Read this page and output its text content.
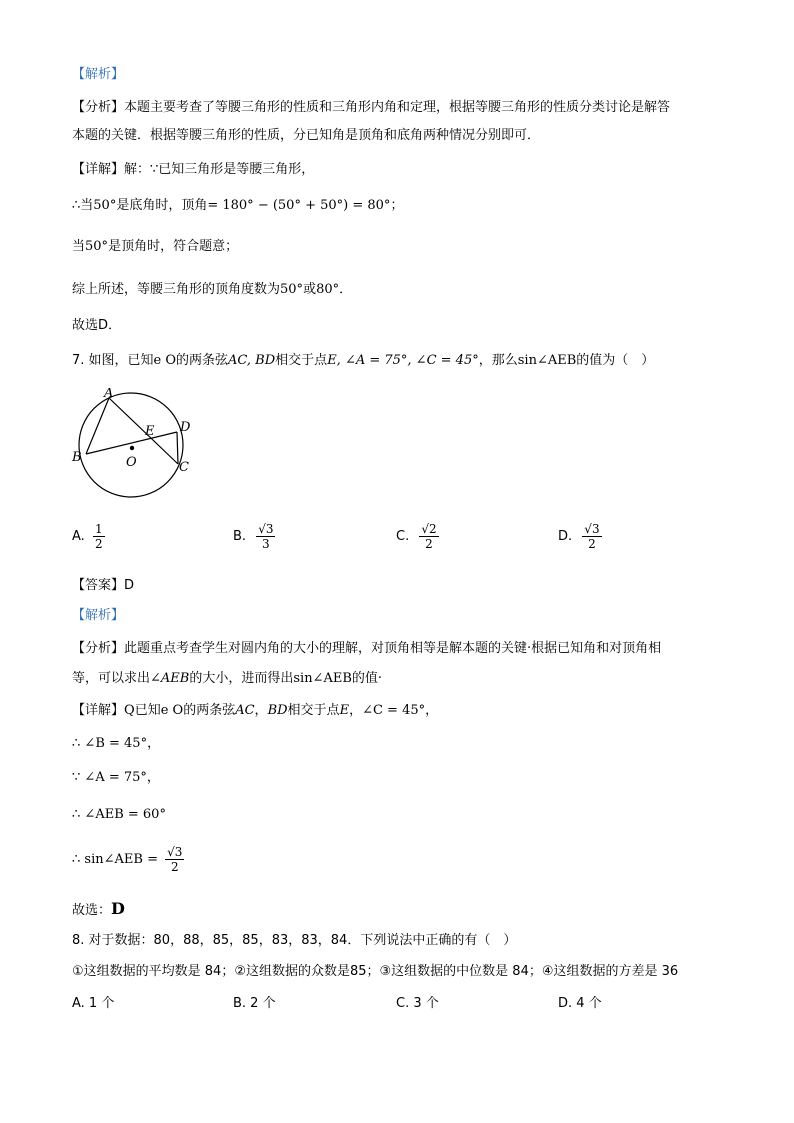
【解析】
【分析】本题主要考查了等腰三角形的性质和三角形内角和定理，根据等腰三角形的性质分类讨论是解答
本题的关键．根据等腰三角形的性质，分已知角是顶角和底角两种情况分别即可．
【详解】解：∵已知三角形是等腰三角形，
∴当50°是底角时，顶角= 180° − (50° + 50°) = 80°；
当50°是顶角时，符合题意；
综上所述，等腰三角形的顶角度数为50°或80°．
故选D．
7. 如图，已知e O的两条弦AC, BD相交于点E, ∠A = 75°, ∠C = 45°，那么sin∠AEB的值为（　）
A
B
C
D
E
O
A. $\frac{1}{2}$	B. $\frac{√3}{3}$	C. $\frac{√2}{2}$	D. $\frac{√3}{2}$
【答案】D
【解析】
【分析】此题重点考查学生对圆内角的大小的理解，对顶角相等是解本题的关键·根据已知角和对顶角相
等，可以求出∠AEB的大小，进而得出sin∠AEB的值·
【详解】Q已知e O的两条弦AC，BD相交于点E，∠C = 45°，
∴ ∠B = 45°，
∵ ∠A = 75°，
∴ ∠AEB = 60°
∴ sin∠AEB = $\frac{√3}{2}$
故选：D
8. 对于数据：80，88，85，85，83，83，84．下列说法中正确的有（　）
①这组数据的平均数是 84；②这组数据的众数是85；③这组数据的中位数是 84；④这组数据的方差是 36
A. 1 个	B. 2 个	C. 3 个	D. 4 个
